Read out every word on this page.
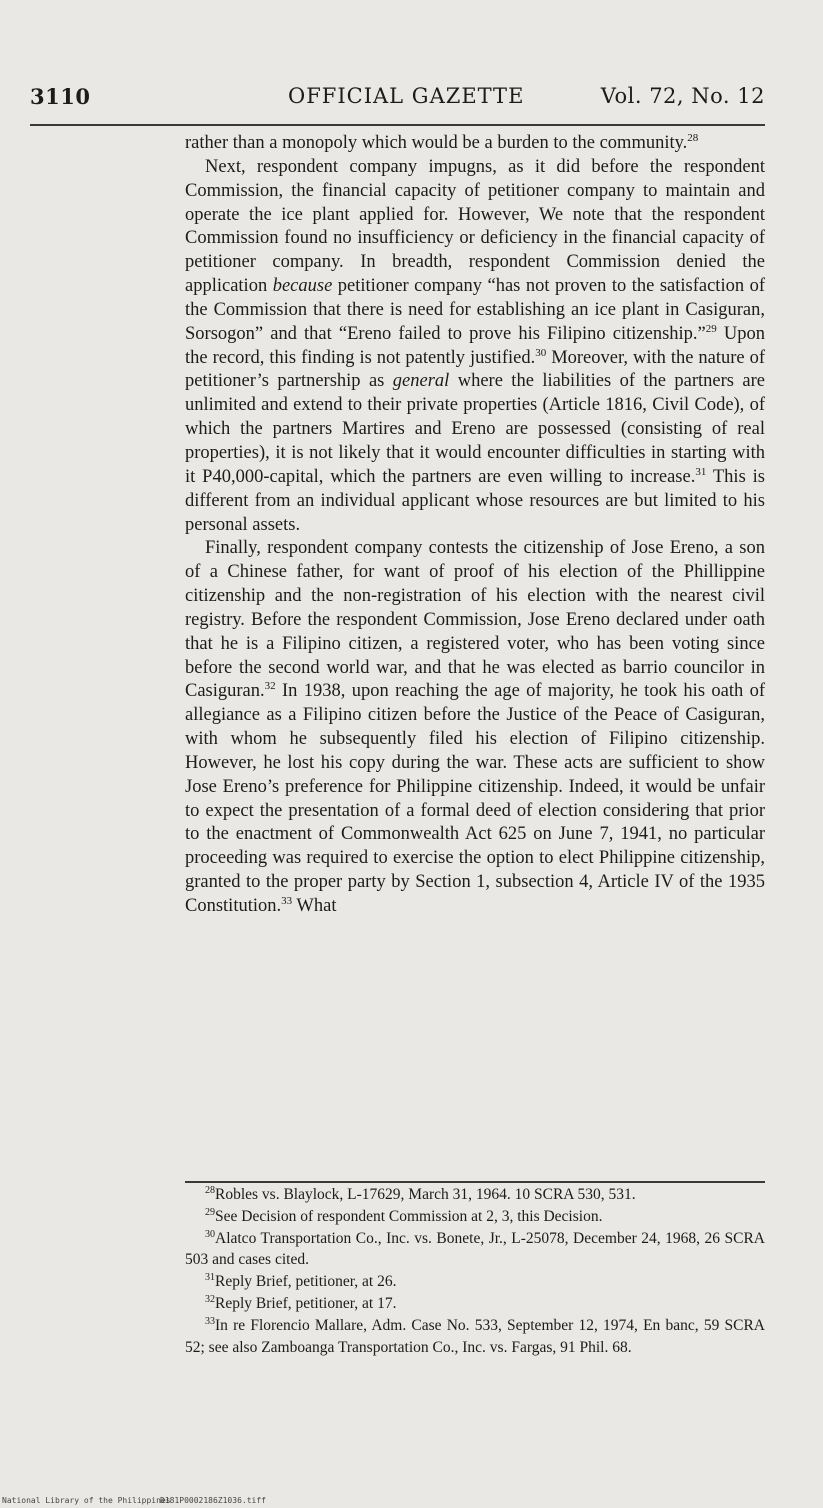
3110	OFFICIAL GAZETTE	Vol. 72, No. 12

rather than a monopoly which would be a burden to the community.$^{28}$

Next, respondent company impugns, as it did before the respondent Commission, the financial capacity of petitioner company to maintain and operate the ice plant applied for. However, We note that the respondent Commission found no insufficiency or deficiency in the financial capacity of petitioner company. In breadth, respondent Commission denied the application because petitioner company “has not proven to the satisfaction of the Commission that there is need for establishing an ice plant in Casiguran, Sorsogon” and that “Ereno failed to prove his Filipino citizenship.”$^{29}$ Upon the record, this finding is not patently justified.$^{30}$ Moreover, with the nature of petitioner’s partnership as general where the liabilities of the partners are unlimited and extend to their private properties (Article 1816, Civil Code), of which the partners Martires and Ereno are possessed (consisting of real properties), it is not likely that it would encounter difficulties in starting with it P40,000-capital, which the partners are even willing to increase.$^{31}$ This is different from an individual applicant whose resources are but limited to his personal assets.

Finally, respondent company contests the citizenship of Jose Ereno, a son of a Chinese father, for want of proof of his election of the Phillippine citizenship and the non-registration of his election with the nearest civil registry. Before the respondent Commission, Jose Ereno declared under oath that he is a Filipino citizen, a registered voter, who has been voting since before the second world war, and that he was elected as barrio councilor in Casiguran.$^{32}$ In 1938, upon reaching the age of majority, he took his oath of allegiance as a Filipino citizen before the Justice of the Peace of Casiguran, with whom he subsequently filed his election of Filipino citizenship. However, he lost his copy during the war. These acts are sufficient to show Jose Ereno’s preference for Philippine citizenship. Indeed, it would be unfair to expect the presentation of a formal deed of election considering that prior to the enactment of Commonwealth Act 625 on June 7, 1941, no particular proceeding was required to exercise the option to elect Philippine citizenship, granted to the proper party by Section 1, subsection 4, Article IV of the 1935 Constitution.$^{33}$ What

$^{28}$Robles vs. Blaylock, L-17629, March 31, 1964. 10 SCRA 530, 531.

$^{29}$See Decision of respondent Commission at 2, 3, this Decision.

$^{30}$Alatco Transportation Co., Inc. vs. Bonete, Jr., L-25078, December 24, 1968, 26 SCRA 503 and cases cited.

$^{31}$Reply Brief, petitioner, at 26.

$^{32}$Reply Brief, petitioner, at 17.

$^{33}$In re Florencio Mallare, Adm. Case No. 533, September 12, 1974, En banc, 59 SCRA 52; see also Zamboanga Transportation Co., Inc. vs. Fargas, 91 Phil. 68.

National Library of the Philippines
D181P0002186Z1036.tiff
